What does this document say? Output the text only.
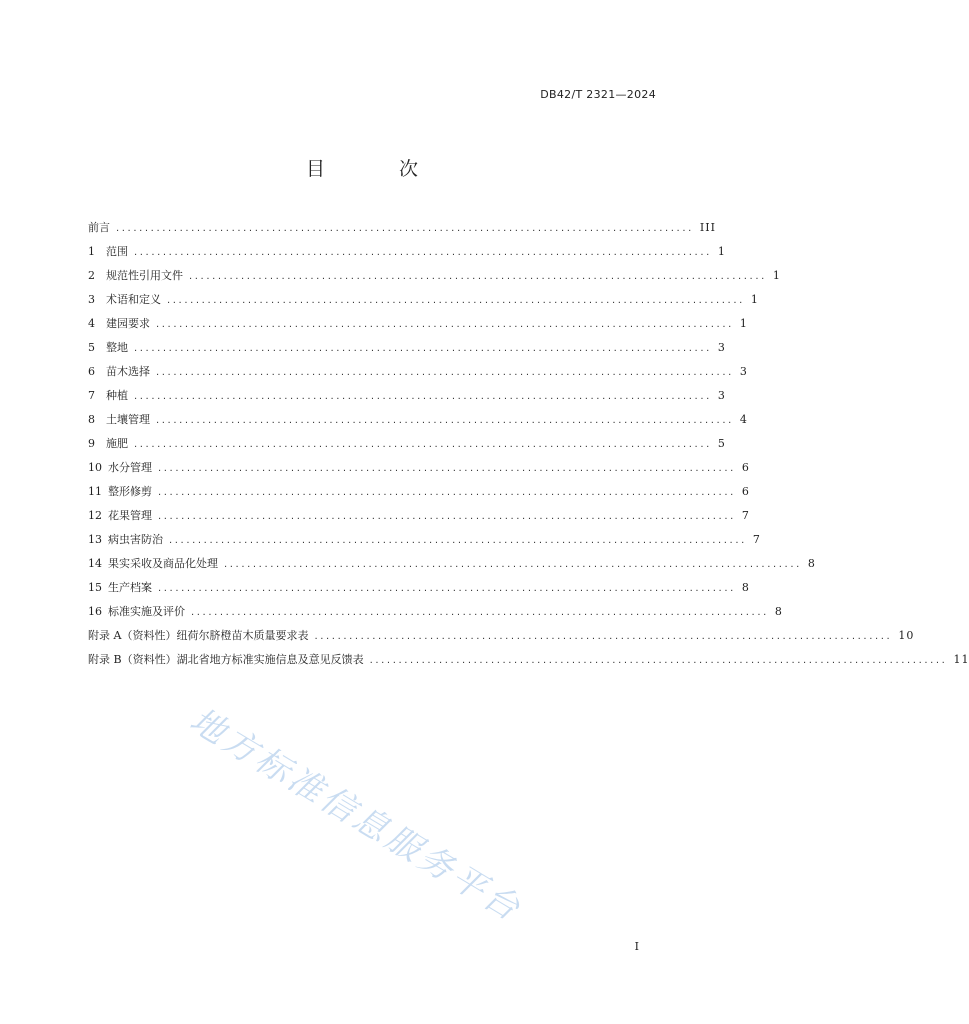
DB42/T 2321—2024
目 次
前言 .................................................................................................... III
1	范围 .................................................................................................... 1
2	规范性引用文件 .................................................................................................... 1
3	术语和定义 .................................................................................................... 1
4	建园要求 .................................................................................................... 1
5	整地 .................................................................................................... 3
6	苗木选择 .................................................................................................... 3
7	种植 .................................................................................................... 3
8	土壤管理 .................................................................................................... 4
9	施肥 .................................................................................................... 5
10 水分管理 .................................................................................................... 6
11 整形修剪 .................................................................................................... 6
12 花果管理 .................................................................................................... 7
13 病虫害防治 .................................................................................................... 7
14 果实采收及商品化处理 .................................................................................................... 8
15 生产档案 .................................................................................................... 8
16 标准实施及评价 .................................................................................................... 8
附录 A（资料性） 纽荷尔脐橙苗木质量要求表 .................................................................................................... 10
附录 B（资料性） 湖北省地方标准实施信息及意见反馈表 .................................................................................................... 11
地方标准信息服务平台
I
